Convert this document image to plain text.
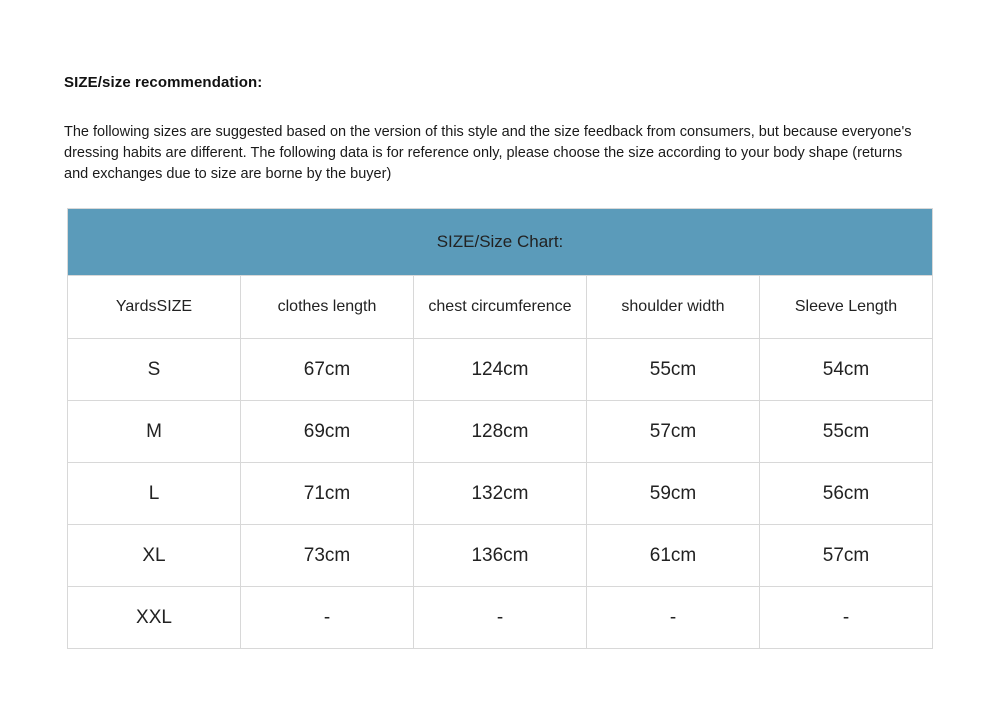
SIZE/size recommendation:
The following sizes are suggested based on the version of this style and the size feedback from consumers, but because everyone's dressing habits are different. The following data is for reference only, please choose the size according to your body shape (returns and exchanges due to size are borne by the buyer)
SIZE/Size Chart:				
YardsSIZE	clothes length	chest circumference	shoulder width	Sleeve Length
S	67cm	124cm	55cm	54cm
M	69cm	128cm	57cm	55cm
L	71cm	132cm	59cm	56cm
XL	73cm	136cm	61cm	57cm
XXL	-	-	-	-
